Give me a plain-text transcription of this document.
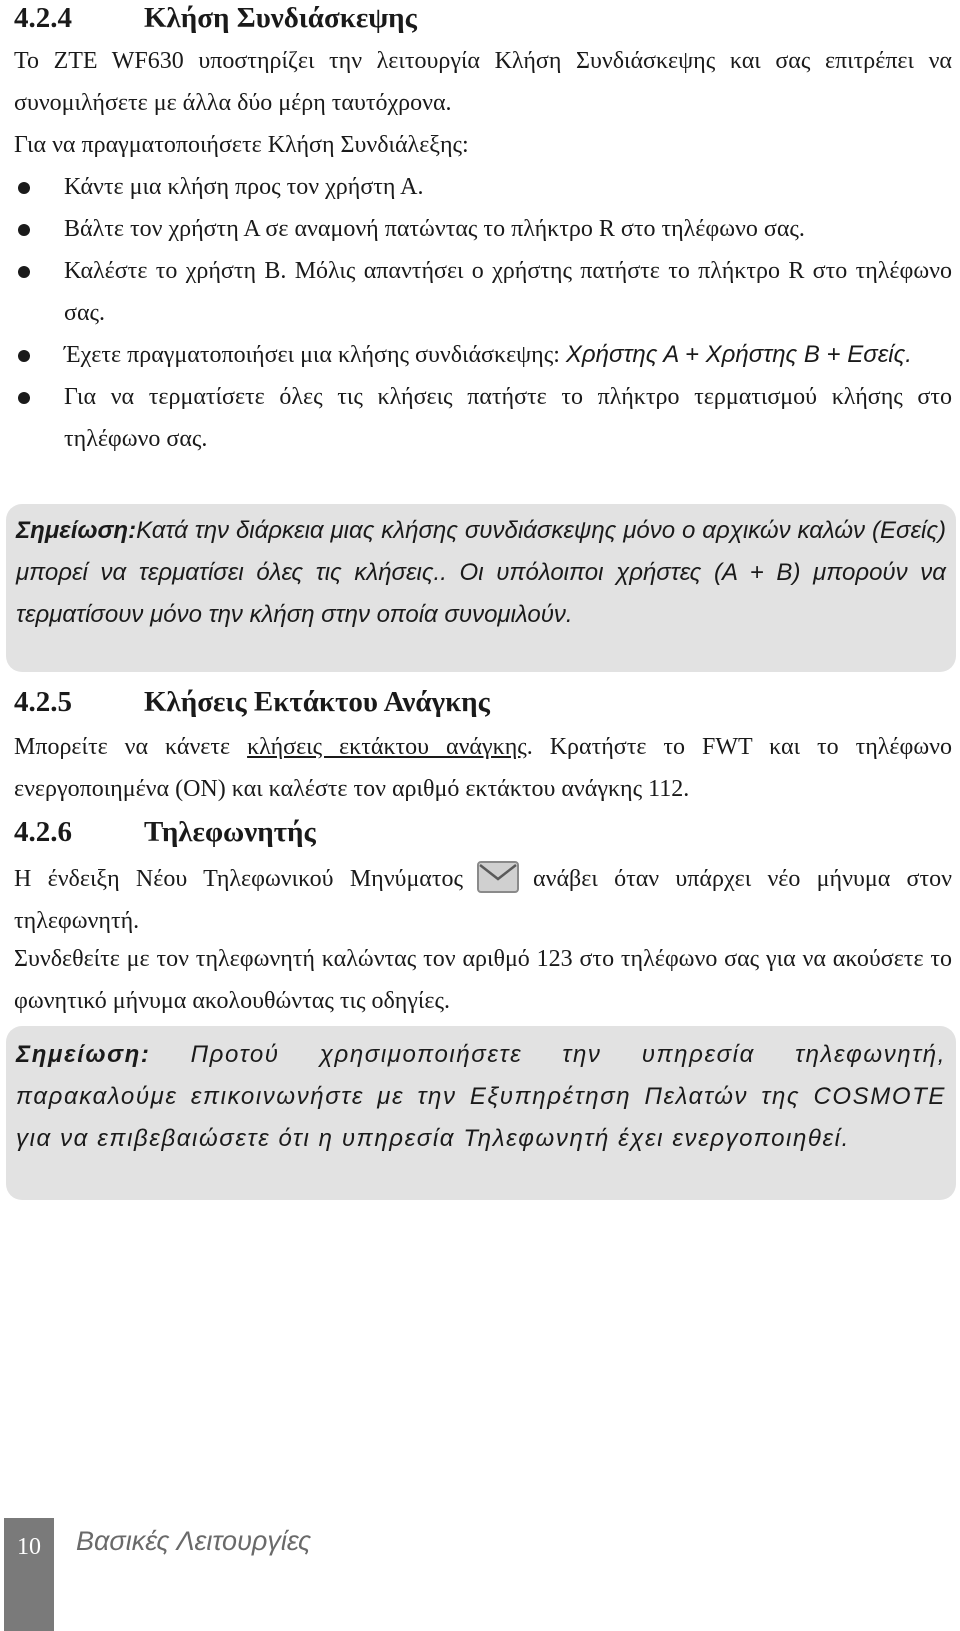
4.2.4 Κλήση Συνδιάσκεψης
Το ZTE WF630 υποστηρίζει την λειτουργία Κλήση Συνδιάσκεψης και σας επιτρέπει να συνομιλήσετε με άλλα δύο μέρη ταυτόχρονα.
Για να πραγματοποιήσετε Κλήση Συνδιάλεξης:
Κάντε μια κλήση προς τον χρήστη Α.
Βάλτε τον χρήστη Α σε αναμονή πατώντας το πλήκτρο R στο τηλέφωνο σας.
Καλέστε το χρήστη Β. Μόλις απαντήσει ο χρήστης πατήστε το πλήκτρο R στο τηλέφωνο σας.
Έχετε πραγματοποιήσει μια κλήσης συνδιάσκεψης: Χρήστης Α + Χρήστης Β + Εσείς.
Για να τερματίσετε όλες τις κλήσεις πατήστε το πλήκτρο τερματισμού κλήσης στο τηλέφωνο σας.
Σημείωση:Κατά την διάρκεια μιας κλήσης συνδιάσκεψης μόνο ο αρχικών καλών (Εσείς) μπορεί να τερματίσει όλες τις κλήσεις.. Οι υπόλοιποι χρήστες (Α + Β) μπορούν να τερματίσουν μόνο την κλήση στην οποία συνομιλούν.
4.2.5 Κλήσεις Εκτάκτου Ανάγκης
Μπορείτε να κάνετε κλήσεις εκτάκτου ανάγκης. Κρατήστε το FWT και το τηλέφωνο ενεργοποιημένα (ON) και καλέστε τον αριθμό εκτάκτου ανάγκης 112.
4.2.6 Τηλεφωνητής
Η ένδειξη Νέου Τηλεφωνικού Μηνύματος	ανάβει όταν υπάρχει νέο μήνυμα στον τηλεφωνητή.
Συνδεθείτε με τον τηλεφωνητή καλώντας τον αριθμό 123 στο τηλέφωνο σας για να ακούσετε το φωνητικό μήνυμα ακολουθώντας τις οδηγίες.
Σημείωση: Προτού χρησιμοποιήσετε την υπηρεσία τηλεφωνητή, παρακαλούμε επικοινωνήστε με την Εξυπηρέτηση Πελατών της COSMOTE για να επιβεβαιώσετε ότι η υπηρεσία Τηλεφωνητή έχει ενεργοποιηθεί.
10	Βασικές Λειτουργίες
